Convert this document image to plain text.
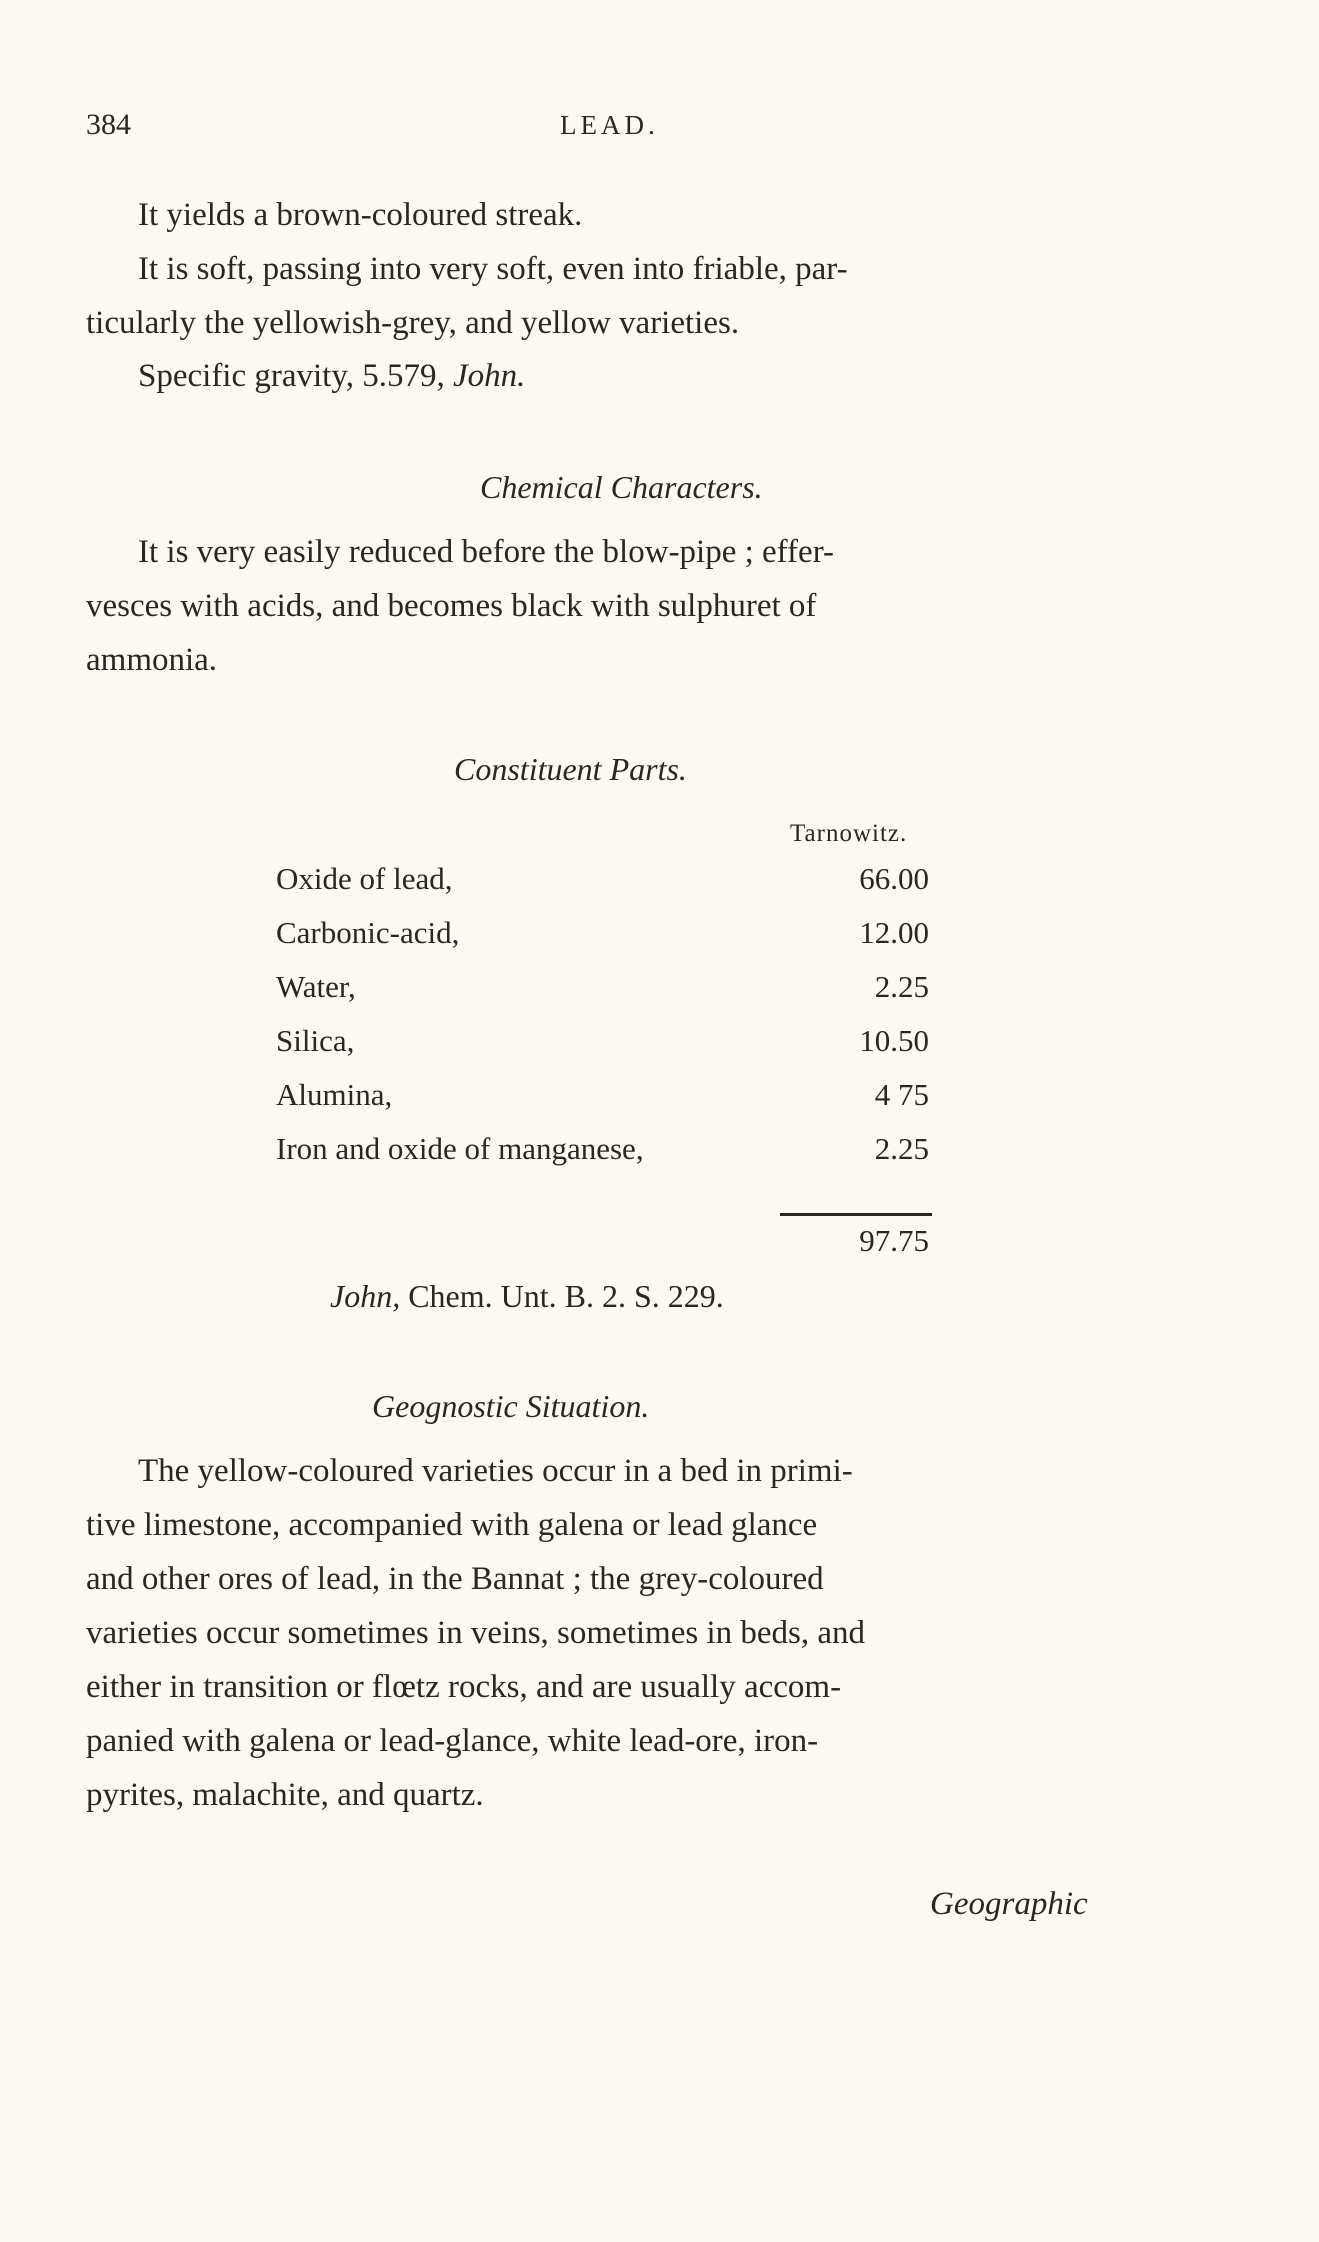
384	LEAD.
It yields a brown-coloured streak.
It is soft, passing into very soft, even into friable, par-
ticularly the yellowish-grey, and yellow varieties.
Specific gravity, 5.579, John.
Chemical Characters.
It is very easily reduced before the blow-pipe ; effer-
vesces with acids, and becomes black with sulphuret of
ammonia.
Constituent Parts.
Tarnowitz.
Oxide of lead,	66.00
Carbonic-acid,	12.00
Water,	2.25
Silica,	10.50
Alumina,	4 75
Iron and oxide of manganese,	2.25
97.75
John, Chem. Unt. B. 2. S. 229.
Geognostic Situation.
The yellow-coloured varieties occur in a bed in primi-
tive limestone, accompanied with galena or lead glance
and other ores of lead, in the Bannat ; the grey-coloured
varieties occur sometimes in veins, sometimes in beds, and
either in transition or flœtz rocks, and are usually accom-
panied with galena or lead-glance, white lead-ore, iron-
pyrites, malachite, and quartz.
Geographic
